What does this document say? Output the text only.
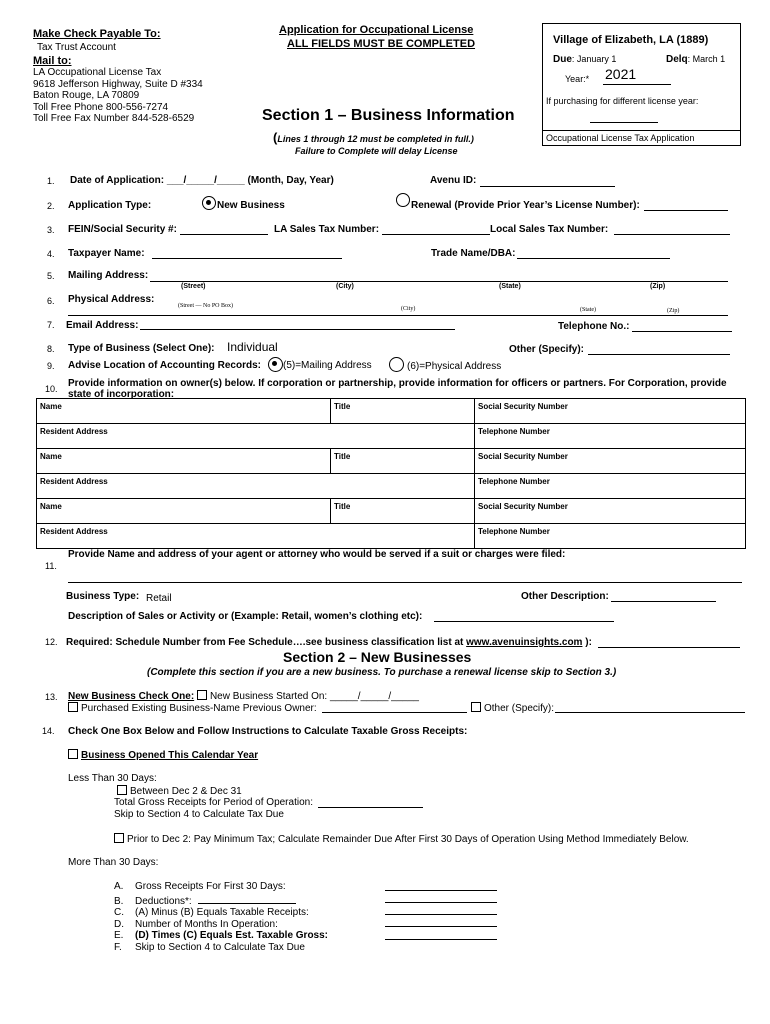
Make Check Payable To:
Tax Trust Account
Mail to:
LA Occupational License Tax
9618 Jefferson Highway, Suite D #334
Baton Rouge, LA 70809
Toll Free Phone 800-556-7274
Toll Free Fax Number 844-528-6529
Application for Occupational License
ALL FIELDS MUST BE COMPLETED
Section 1 – Business Information
(Lines 1 through 12 must be completed in full.)
Failure to Complete will delay License
Village of Elizabeth, LA (1889)
Due: January 1	Delq: March 1
Year:* 2021
If purchasing for different license year:
Occupational License Tax Application
1. Date of Application: ___/_____/_____ (Month, Day, Year)	Avenu ID:
2. Application Type:	New Business	Renewal (Provide Prior Year’s License Number):
3. FEIN/Social Security #:	LA Sales Tax Number:	Local Sales Tax Number:
4. Taxpayer Name:	Trade Name/DBA:
5. Mailing Address:
(Street)	(City)	(State)	(Zip)
6. Physical Address:
(Street — No PO Box)	(City)	(State)	(Zip)
7. Email Address:	Telephone No.:
8. Type of Business (Select One): Individual	Other (Specify):
9. Advise Location of Accounting Records: (5)=Mailing Address	(6)=Physical Address
10. Provide information on owner(s) below. If corporation or partnership, provide information for officers or partners. For Corporation, provide
state of incorporation:
Name	Title	Social Security Number
Resident Address		Telephone Number
Name	Title	Social Security Number
Resident Address		Telephone Number
Name	Title	Social Security Number
Resident Address		Telephone Number
Provide Name and address of your agent or attorney who would be served if a suit or charges were filed:
11.
Business Type: Retail	Other Description:
Description of Sales or Activity or (Example: Retail, women’s clothing etc):
12. Required: Schedule Number from Fee Schedule….see business classification list at www.avenuinsights.com ):
Section 2 – New Businesses
(Complete this section if you are a new business. To purchase a renewal license skip to Section 3.)
13. New Business Check One: New Business Started On: _____/_____/_____
Purchased Existing Business-Name Previous Owner:	Other (Specify):
14. Check One Box Below and Follow Instructions to Calculate Taxable Gross Receipts:
Business Opened This Calendar Year
Less Than 30 Days:
Between Dec 2 & Dec 31
Total Gross Receipts for Period of Operation:
Skip to Section 4 to Calculate Tax Due
Prior to Dec 2: Pay Minimum Tax; Calculate Remainder Due After First 30 Days of Operation Using Method Immediately Below.
More Than 30 Days:
A. Gross Receipts For First 30 Days:
B. Deductions*:
C. (A) Minus (B) Equals Taxable Receipts:
D. Number of Months In Operation:
E. (D) Times (C) Equals Est. Taxable Gross:
F. Skip to Section 4 to Calculate Tax Due
